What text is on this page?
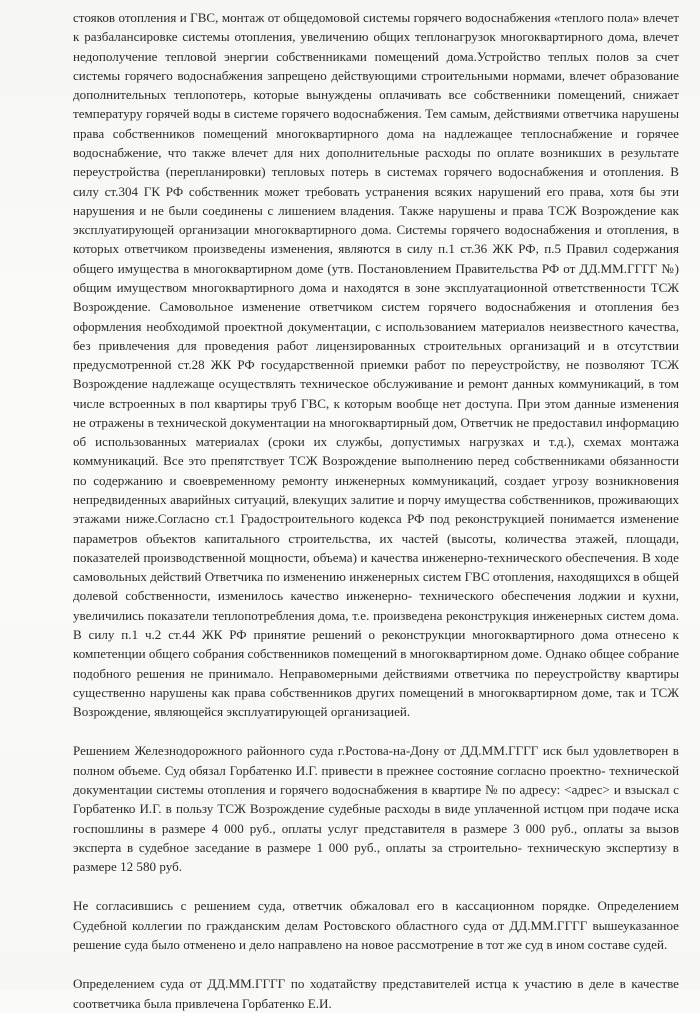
стояков отопления и ГВС, монтаж от общедомовой системы горячего водоснабжения «теплого пола» влечет к разбалансировке системы отопления, увеличению общих теплонагрузок многоквартирного дома, влечет недополучение тепловой энергии собственниками помещений дома.Устройство теплых полов за счет системы горячего водоснабжения запрещено действующими строительными нормами, влечет образование дополнительных теплопотерь, которые вынуждены оплачивать все собственники помещений, снижает температуру горячей воды в системе горячего водоснабжения. Тем самым, действиями ответчика нарушены права собственников помещений многоквартирного дома на надлежащее теплоснабжение и горячее водоснабжение, что также влечет для них дополнительные расходы по оплате возникших в результате переустройства (перепланировки) тепловых потерь в системах горячего водоснабжения и отопления. В силу ст.304 ГК РФ собственник может требовать устранения всяких нарушений его права, хотя бы эти нарушения и не были соединены с лишением владения. Также нарушены и права ТСЖ Возрождение как эксплуатирующей организации многоквартирного дома. Системы горячего водоснабжения и отопления, в которых ответчиком произведены изменения, являются в силу п.1 ст.36 ЖК РФ, п.5 Правил содержания общего имущества в многоквартирном доме (утв. Постановлением Правительства РФ от ДД.ММ.ГГГГ №) общим имуществом многоквартирного дома и находятся в зоне эксплуатационной ответственности ТСЖ Возрождение. Самовольное изменение ответчиком систем горячего водоснабжения и отопления без оформления необходимой проектной документации, с использованием материалов неизвестного качества, без привлечения для проведения работ лицензированных строительных организаций и в отсутствии предусмотренной ст.28 ЖК РФ государственной приемки работ по переустройству, не позволяют ТСЖ Возрождение надлежаще осуществлять техническое обслуживание и ремонт данных коммуникаций, в том числе встроенных в пол квартиры труб ГВС, к которым вообще нет доступа. При этом данные изменения не отражены в технической документации на многоквартирный дом, Ответчик не предоставил информацию об использованных материалах (сроки их службы, допустимых нагрузках и т.д.), схемах монтажа коммуникаций. Все это препятствует ТСЖ Возрождение выполнению перед собственниками обязанности по содержанию и своевременному ремонту инженерных коммуникаций, создает угрозу возникновения непредвиденных аварийных ситуаций, влекущих залитие и порчу имущества собственников, проживающих этажами ниже.Согласно ст.1 Градостроительного кодекса РФ под реконструкцией понимается изменение параметров объектов капитального строительства, их частей (высоты, количества этажей, площади, показателей производственной мощности, объема) и качества инженерно-технического обеспечения. В ходе самовольных действий Ответчика по изменению инженерных систем ГВС отопления, находящихся в общей долевой собственности, изменилось качество инженерно- технического обеспечения лоджии и кухни, увеличились показатели теплопотребления дома, т.е. произведена реконструкция инженерных систем дома. В силу п.1 ч.2 ст.44 ЖК РФ принятие решений о реконструкции многоквартирного дома отнесено к компетенции общего собрания собственников помещений в многоквартирном доме. Однако общее собрание подобного решения не принимало. Неправомерными действиями ответчика по переустройству квартиры существенно нарушены как права собственников других помещений в многоквартирном доме, так и ТСЖ Возрождение, являющейся эксплуатирующей организацией.

Решением Железнодорожного районного суда г.Ростова-на-Дону от ДД.ММ.ГГГГ иск был удовлетворен в полном объеме. Суд обязал Горбатенко И.Г. привести в прежнее состояние согласно проектно- технической документации системы отопления и горячего водоснабжения в квартире № по адресу: <адрес> и взыскал с Горбатенко И.Г. в пользу ТСЖ Возрождение судебные расходы в виде уплаченной истцом при подаче иска госпошлины в размере 4 000 руб., оплаты услуг представителя в размере 3 000 руб., оплаты за вызов эксперта в судебное заседание в размере 1 000 руб., оплаты за строительно- техническую экспертизу в размере 12 580 руб.

Не согласившись с решением суда, ответчик обжаловал его в кассационном порядке. Определением Судебной коллегии по гражданским делам Ростовского областного суда от ДД.ММ.ГГГГ вышеуказанное решение суда было отменено и дело направлено на новое рассмотрение в тот же суд в ином составе судей.

Определением суда от ДД.ММ.ГГГГ по ходатайству представителей истца к участию в деле в качестве соответчика была привлечена Горбатенко Е.И.
